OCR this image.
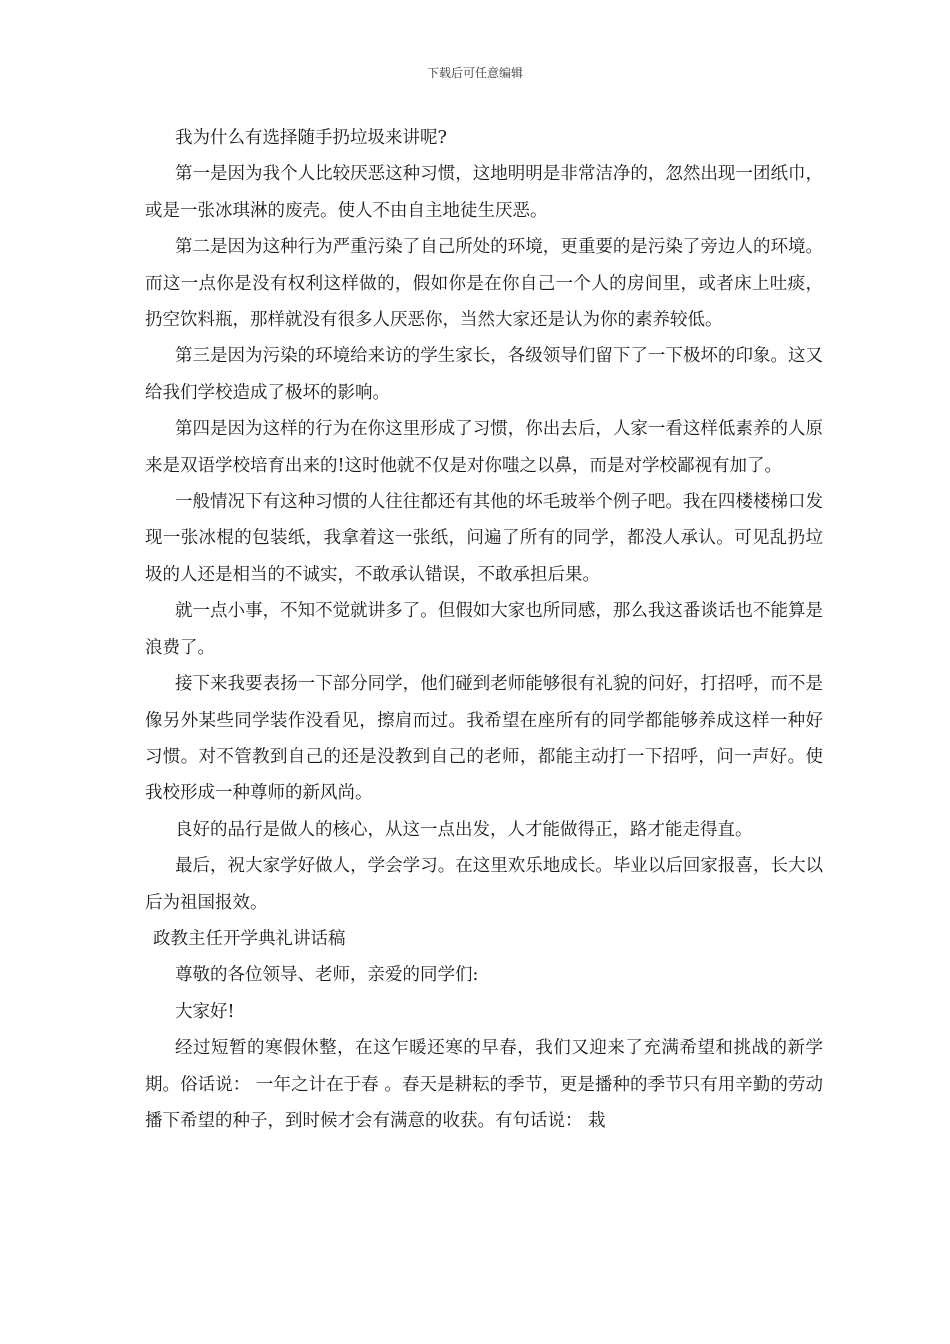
下载后可任意编辑

我为什么有选择随手扔垃圾来讲呢?

第一是因为我个人比较厌恶这种习惯，这地明明是非常洁净的，忽然出现一团纸巾，或是一张冰琪淋的废壳。使人不由自主地徒生厌恶。

第二是因为这种行为严重污染了自己所处的环境，更重要的是污染了旁边人的环境。而这一点你是没有权利这样做的，假如你是在你自己一个人的房间里，或者床上吐痰，扔空饮料瓶，那样就没有很多人厌恶你，当然大家还是认为你的素养较低。

第三是因为污染的环境给来访的学生家长，各级领导们留下了一下极坏的印象。这又给我们学校造成了极坏的影响。

第四是因为这样的行为在你这里形成了习惯，你出去后，人家一看这样低素养的人原来是双语学校培育出来的!这时他就不仅是对你嗤之以鼻，而是对学校鄙视有加了。

一般情况下有这种习惯的人往往都还有其他的坏毛玻举个例子吧。我在四楼楼梯口发现一张冰棍的包装纸，我拿着这一张纸，问遍了所有的同学，都没人承认。可见乱扔垃圾的人还是相当的不诚实，不敢承认错误，不敢承担后果。

就一点小事，不知不觉就讲多了。但假如大家也所同感，那么我这番谈话也不能算是浪费了。

接下来我要表扬一下部分同学，他们碰到老师能够很有礼貌的问好，打招呼，而不是像另外某些同学装作没看见，擦肩而过。我希望在座所有的同学都能够养成这样一种好习惯。对不管教到自己的还是没教到自己的老师，都能主动打一下招呼，问一声好。使我校形成一种尊师的新风尚。

良好的品行是做人的核心，从这一点出发，人才能做得正，路才能走得直。

最后，祝大家学好做人，学会学习。在这里欢乐地成长。毕业以后回家报喜，长大以后为祖国报效。

政教主任开学典礼讲话稿

尊敬的各位领导、老师，亲爱的同学们:

大家好!

经过短暂的寒假休整，在这乍暖还寒的早春，我们又迎来了充满希望和挑战的新学期。俗话说： 一年之计在于春 。春天是耕耘的季节，更是播种的季节只有用辛勤的劳动播下希望的种子，到时候才会有满意的收获。有句话说： 栽
